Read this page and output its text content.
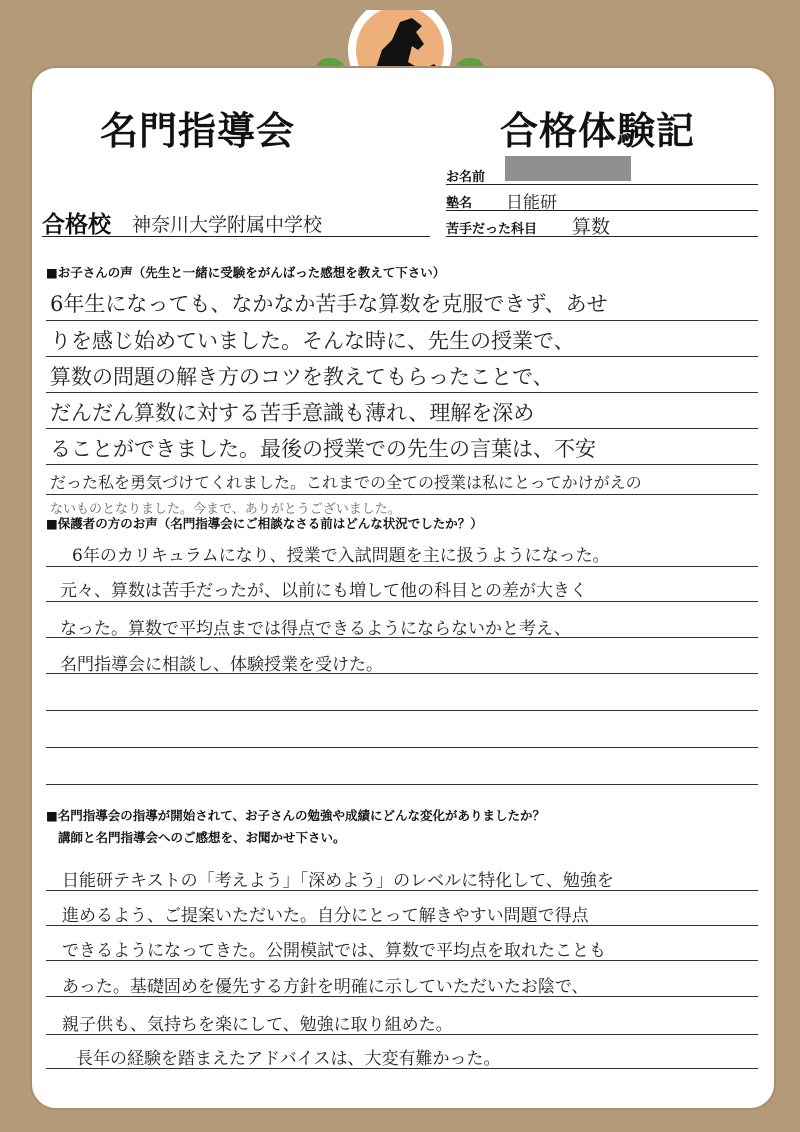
名門指導会	合格体験記
お名前
塾名 日能研
苦手だった科目 算数
合格校 神奈川大学附属中学校
■お子さんの声（先生と一緒に受験をがんばった感想を教えて下さい）
6年生になっても、なかなか苦手な算数を克服できず、あせ
りを感じ始めていました。そんな時に、先生の授業で、
算数の問題の解き方のコツを教えてもらったことで、
だんだん算数に対する苦手意識も薄れ、理解を深め
ることができました。最後の授業での先生の言葉は、不安
だった私を勇気づけてくれました。これまでの全ての授業は私にとってかけがえの
ないものとなりました。今まで、ありがとうございました。
■保護者の方のお声（名門指導会にご相談なさる前はどんな状況でしたか？）
6年のカリキュラムになり、授業で入試問題を主に扱うようになった。
元々、算数は苦手だったが、以前にも増して他の科目との差が大きく
なった。算数で平均点までは得点できるようにならないかと考え、
名門指導会に相談し、体験授業を受けた。
■名門指導会の指導が開始されて、お子さんの勉強や成績にどんな変化がありましたか？
講師と名門指導会へのご感想を、お聞かせ下さい。
日能研テキストの「考えよう」「深めよう」のレベルに特化して、勉強を
進めるよう、ご提案いただいた。自分にとって解きやすい問題で得点
できるようになってきた。公開模試では、算数で平均点を取れたことも
あった。基礎固めを優先する方針を明確に示していただいたお陰で、
親子供も、気持ちを楽にして、勉強に取り組めた。
長年の経験を踏まえたアドバイスは、大変有難かった。
